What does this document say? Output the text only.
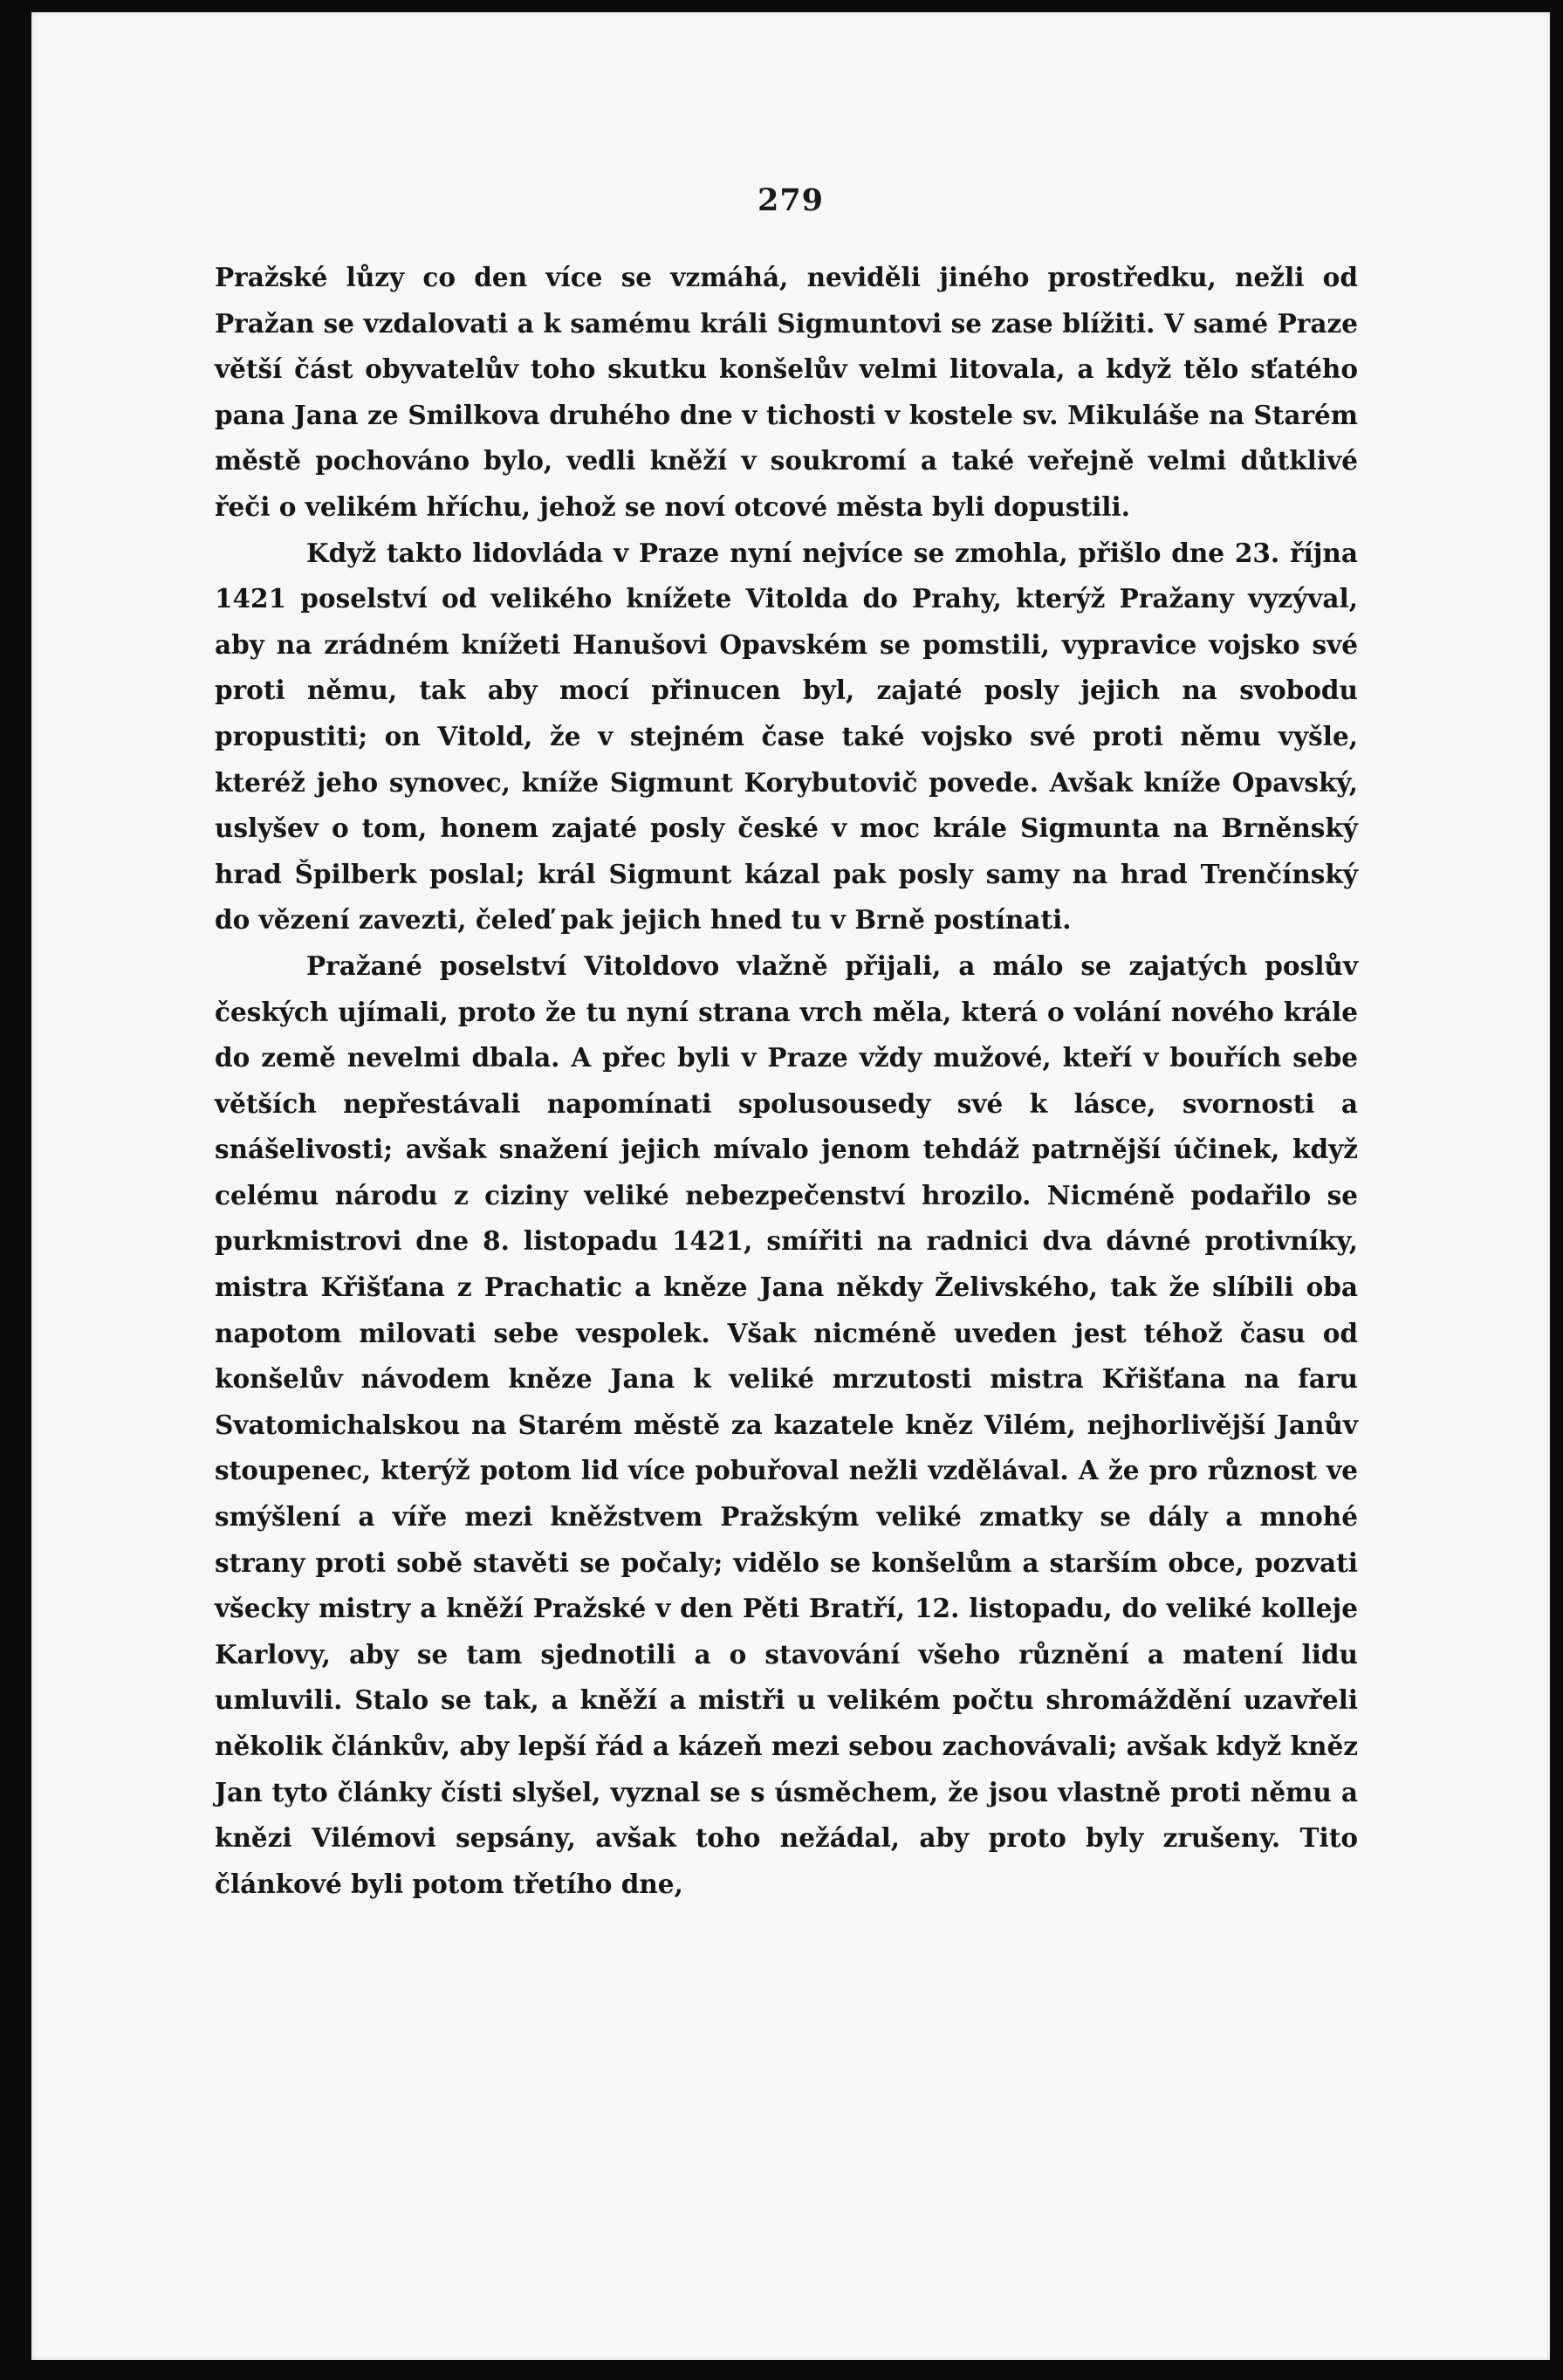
279

Pražské lůzy co den více se vzmáhá, neviděli jiného prostředku, nežli od Pražan se vzdalovati a k samému králi Sigmuntovi se zase blížiti. V samé Praze větší část obyvatelův toho skutku konšelův velmi litovala, a když tělo sťatého pana Jana ze Smilkova druhého dne v tichosti v kostele sv. Mikuláše na Starém městě pochováno bylo, vedli kněží v soukromí a také veřejně velmi důtklivé řeči o velikém hříchu, jehož se noví otcové města byli dopustili.

Když takto lidovláda v Praze nyní nejvíce se zmohla, přišlo dne 23. října 1421 poselství od velikého knížete Vitolda do Prahy, kterýž Pražany vyzýval, aby na zrádném knížeti Hanušovi Opavském se pomstili, vypravice vojsko své proti němu, tak aby mocí přinucen byl, zajaté posly jejich na svobodu propustiti; on Vitold, že v stejném čase také vojsko své proti němu vyšle, kteréž jeho synovec, kníže Sigmunt Korybutovič povede. Avšak kníže Opavský, uslyšev o tom, honem zajaté posly české v moc krále Sigmunta na Brněnský hrad Špilberk poslal; král Sigmunt kázal pak posly samy na hrad Trenčínský do vězení zavezti, čeleď pak jejich hned tu v Brně postínati.

Pražané poselství Vitoldovo vlažně přijali, a málo se zajatých poslův českých ujímali, proto že tu nyní strana vrch měla, která o volání nového krále do země nevelmi dbala. A přec byli v Praze vždy mužové, kteří v bouřích sebe větších nepřestávali napomínati spolusousedy své k lásce, svornosti a snášelivosti; avšak snažení jejich mívalo jenom tehdáž patrnější účinek, když celému národu z ciziny veliké nebezpečenství hrozilo. Nicméně podařilo se purkmistrovi dne 8. listopadu 1421, smířiti na radnici dva dávné protivníky, mistra Křišťana z Prachatic a kněze Jana někdy Želivského, tak že slíbili oba napotom milovati sebe vespolek. Však nicméně uveden jest téhož času od konšelův návodem kněze Jana k veliké mrzutosti mistra Křišťana na faru Svatomichalskou na Starém městě za kazatele kněz Vilém, nejhorlivější Janův stoupenec, kterýž potom lid více pobuřoval nežli vzdělával. A že pro různost ve smýšlení a víře mezi kněžstvem Pražským veliké zmatky se dály a mnohé strany proti sobě stavěti se počaly; vidělo se konšelům a starším obce, pozvati všecky mistry a kněží Pražské v den Pěti Bratří, 12. listopadu, do veliké kolleje Karlovy, aby se tam sjednotili a o stavování všeho různění a matení lidu umluvili. Stalo se tak, a kněží a mistři u velikém počtu shromáždění uzavřeli několik článkův, aby lepší řád a kázeň mezi sebou zachovávali; avšak když kněz Jan tyto články čísti slyšel, vyznal se s úsměchem, že jsou vlastně proti němu a knězi Vilémovi sepsány, avšak toho nežádal, aby proto byly zrušeny. Tito článkové byli potom třetího dne,
